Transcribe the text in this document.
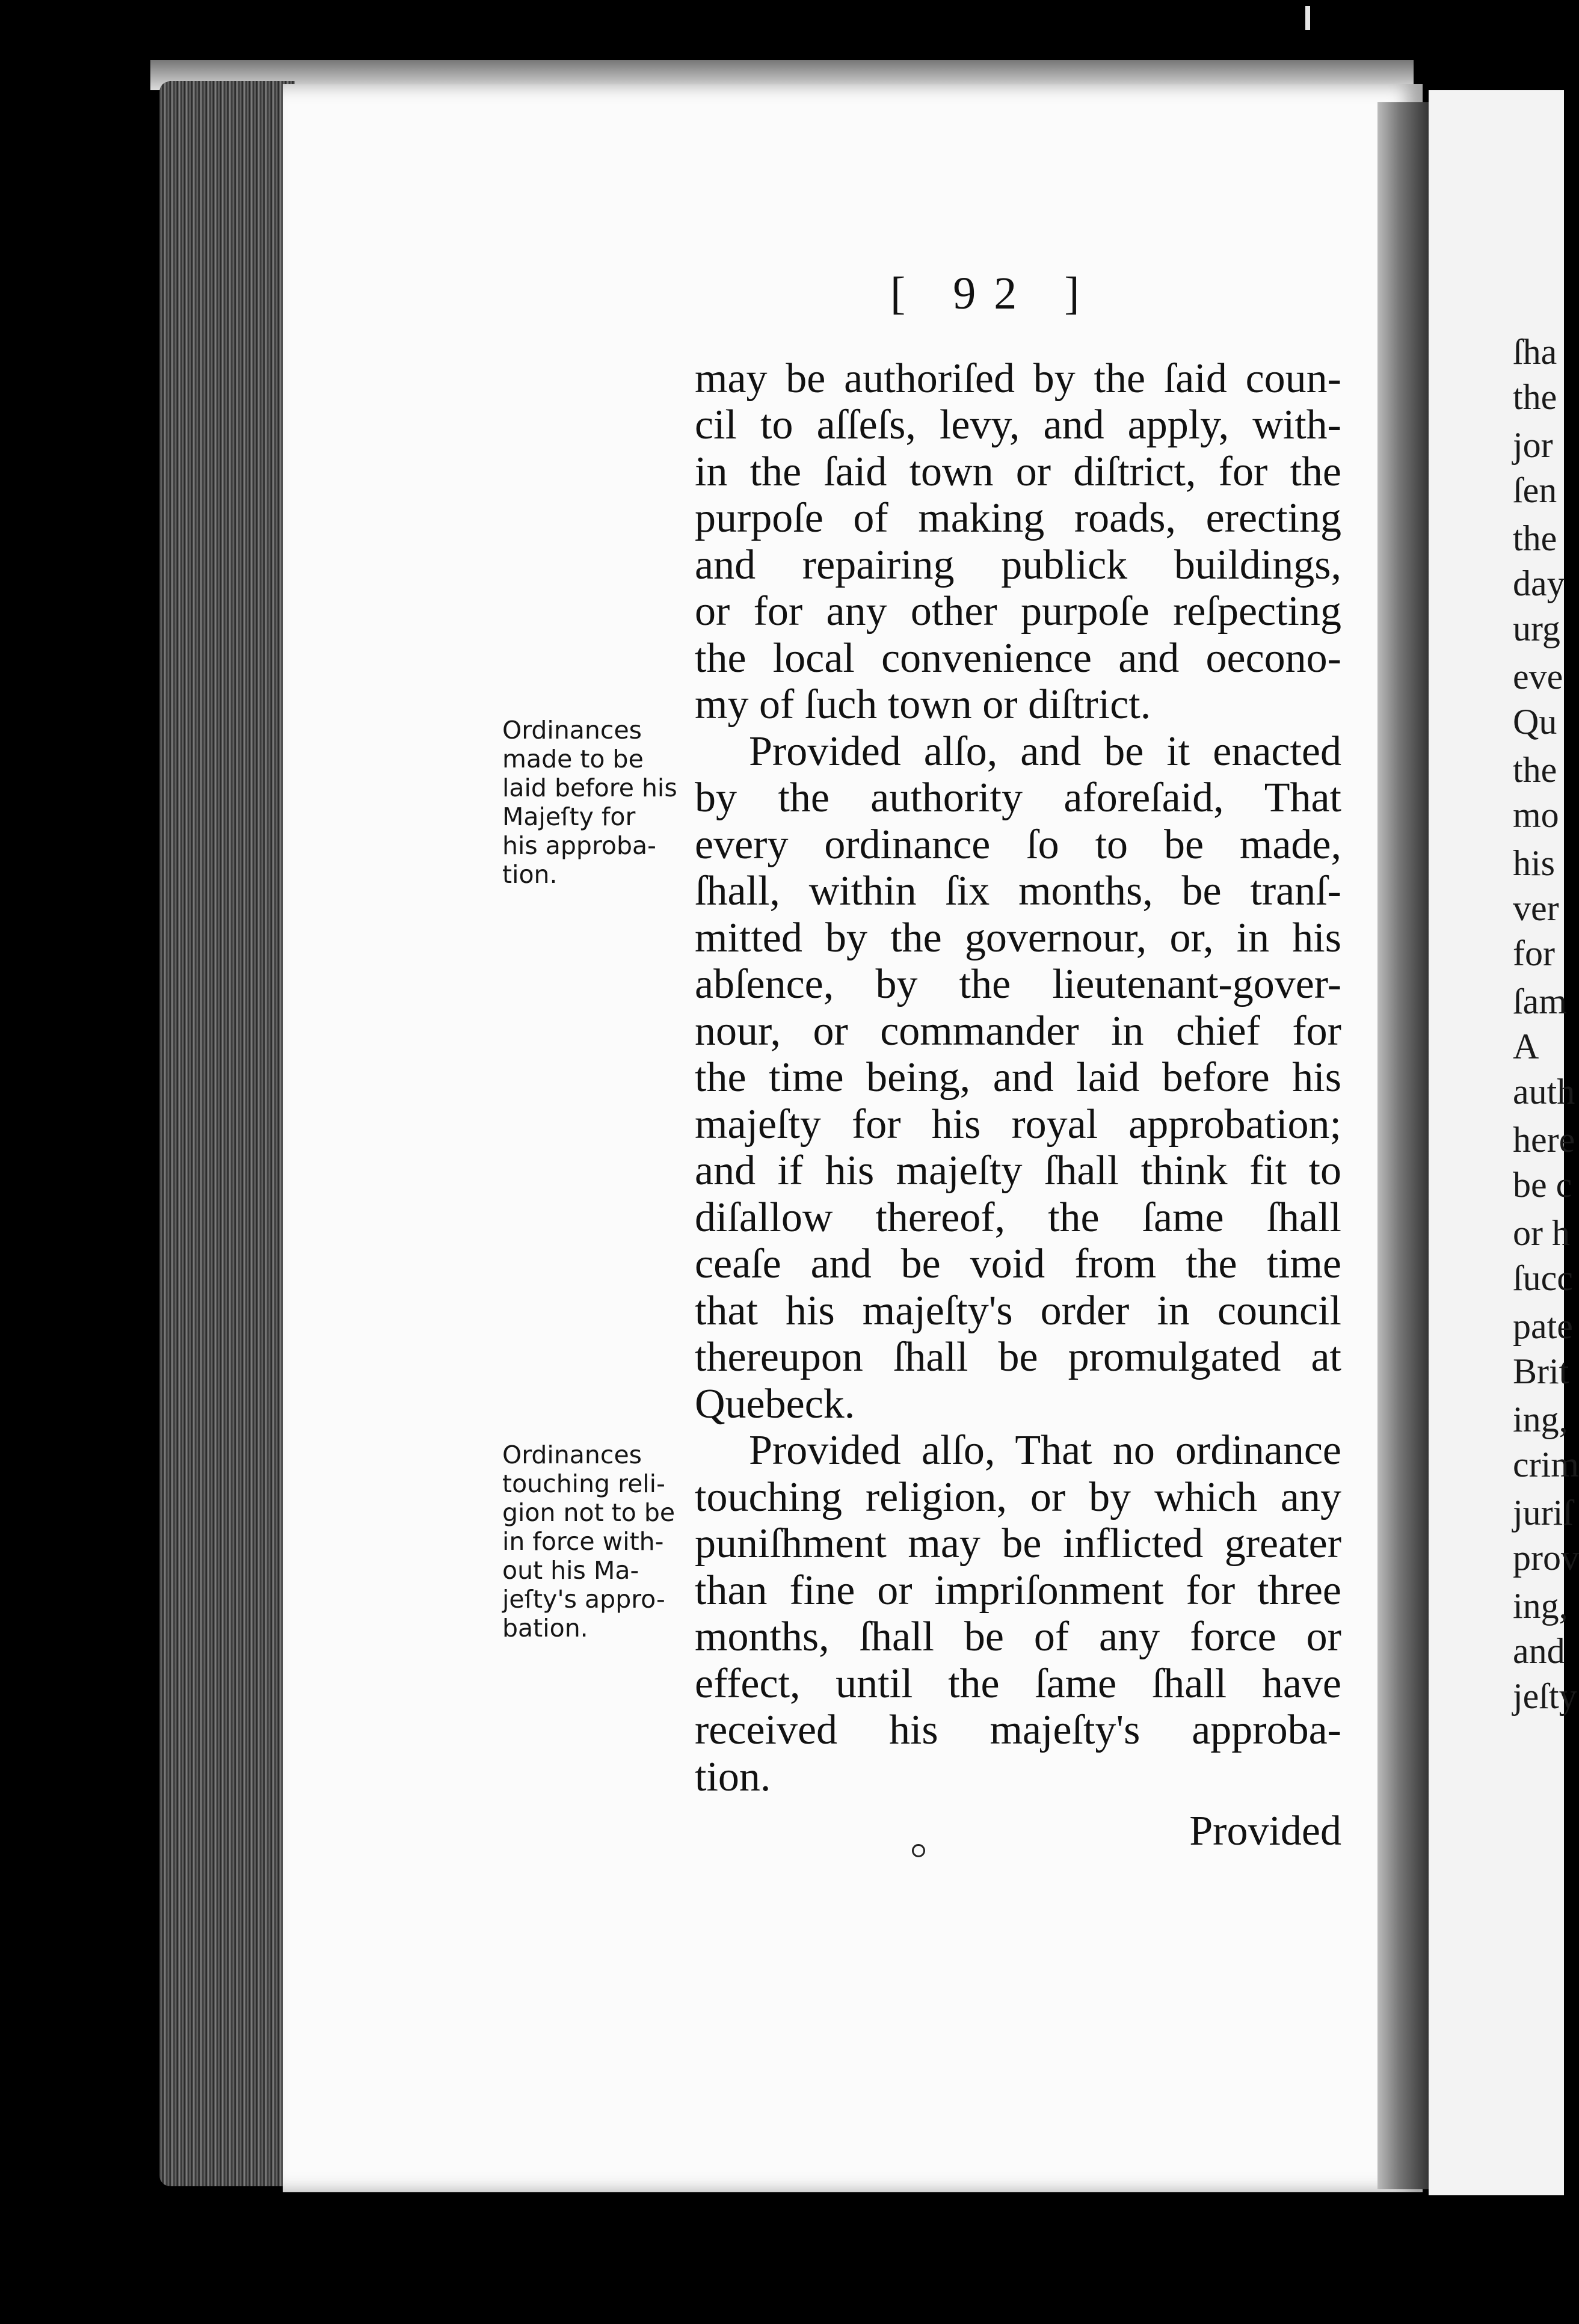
ſha
the
jor
ſen
the
day
urg
eve
Qu
the
mo
his
ver
for
ſam
A
auth
here
be c
or h
ſucc
pate
Brit
ing,
crim
juriſ
prov
ing,
and
jeſty
[ 92 ]
may be authoriſed by the ſaid coun-
cil to aſſeſs, levy, and apply, with-
in the ſaid town or diſtrict, for the
purpoſe of making roads, erecting
and repairing publick buildings,
or for any other purpoſe reſpecting
the local convenience and oecono-
my of ſuch town or diſtrict.
Provided alſo, and be it enacted
by the authority aforeſaid, That
every ordinance ſo to be made,
ſhall, within ſix months, be tranſ-
mitted by the governour, or, in his
abſence, by the lieutenant-gover-
nour, or commander in chief for
the time being, and laid before his
majeſty for his royal approbation;
and if his majeſty ſhall think fit to
diſallow thereof, the ſame ſhall
ceaſe and be void from the time
that his majeſty's order in council
thereupon ſhall be promulgated at
Quebeck.
Provided alſo, That no ordinance
touching religion, or by which any
puniſhment may be inflicted greater
than fine or impriſonment for three
months, ſhall be of any force or
effect, until the ſame ſhall have
received his majeſty's approba-
tion.
Ordinances
made to be
laid before his
Majeſty for
his approba-
tion.
Ordinances
touching reli-
gion not to be
in force with-
out his Ma-
jeſty's appro-
bation.
Provided
